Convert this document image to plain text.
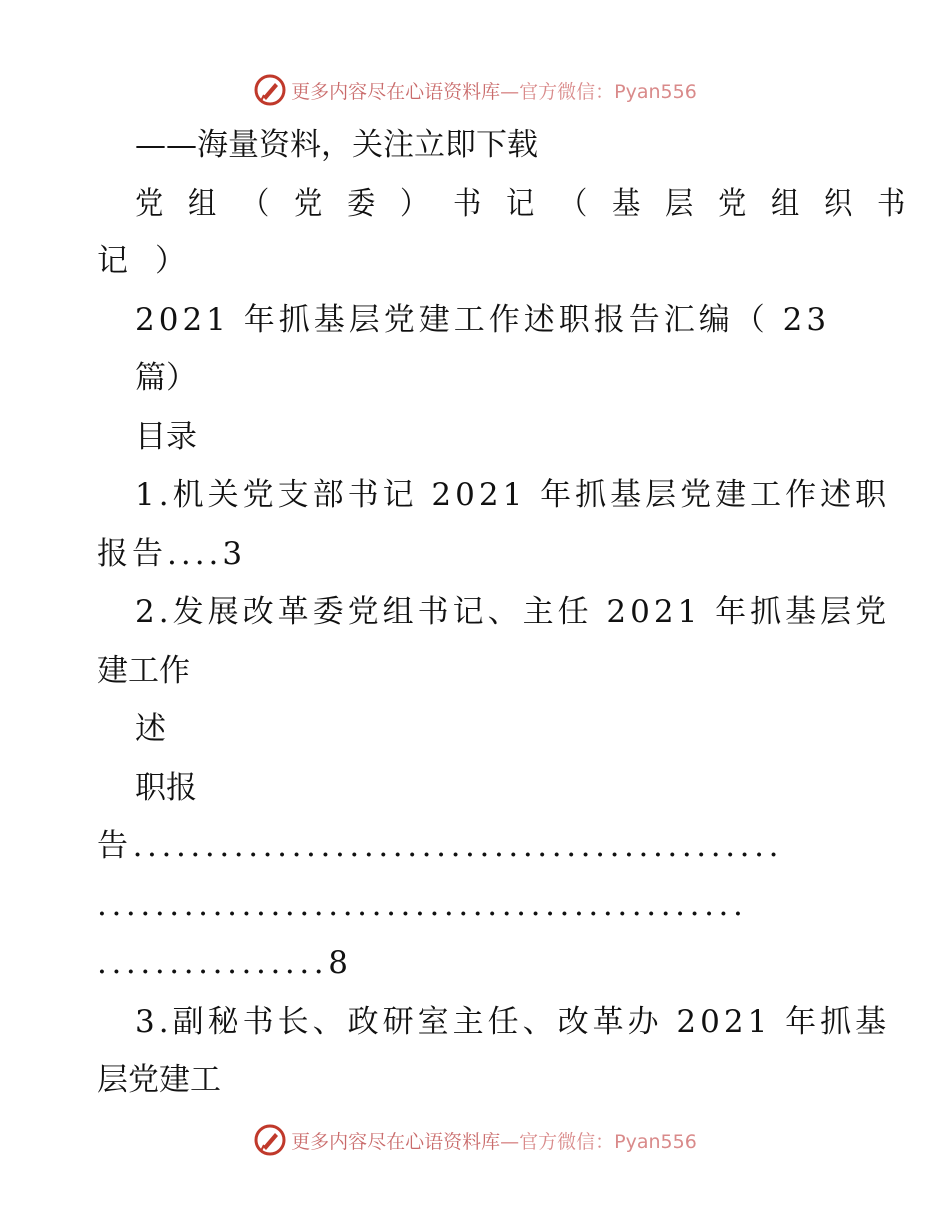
更多内容尽在心语资料库—官方微信：Pyan556
——海量资料，关注立即下载
党组（党委）书记（基层党组织书
记）
2021 年抓基层党建工作述职报告汇编（ 23
篇）
目录
1.机关党支部书记 2021 年抓基层党建工作述职
报告....3
2.发展改革委党组书记、主任 2021 年抓基层党
建工作
述
职报
告.............................................
.............................................
................8
3.副秘书长、政研室主任、改革办 2021 年抓基
层党建工
更多内容尽在心语资料库—官方微信：Pyan556
